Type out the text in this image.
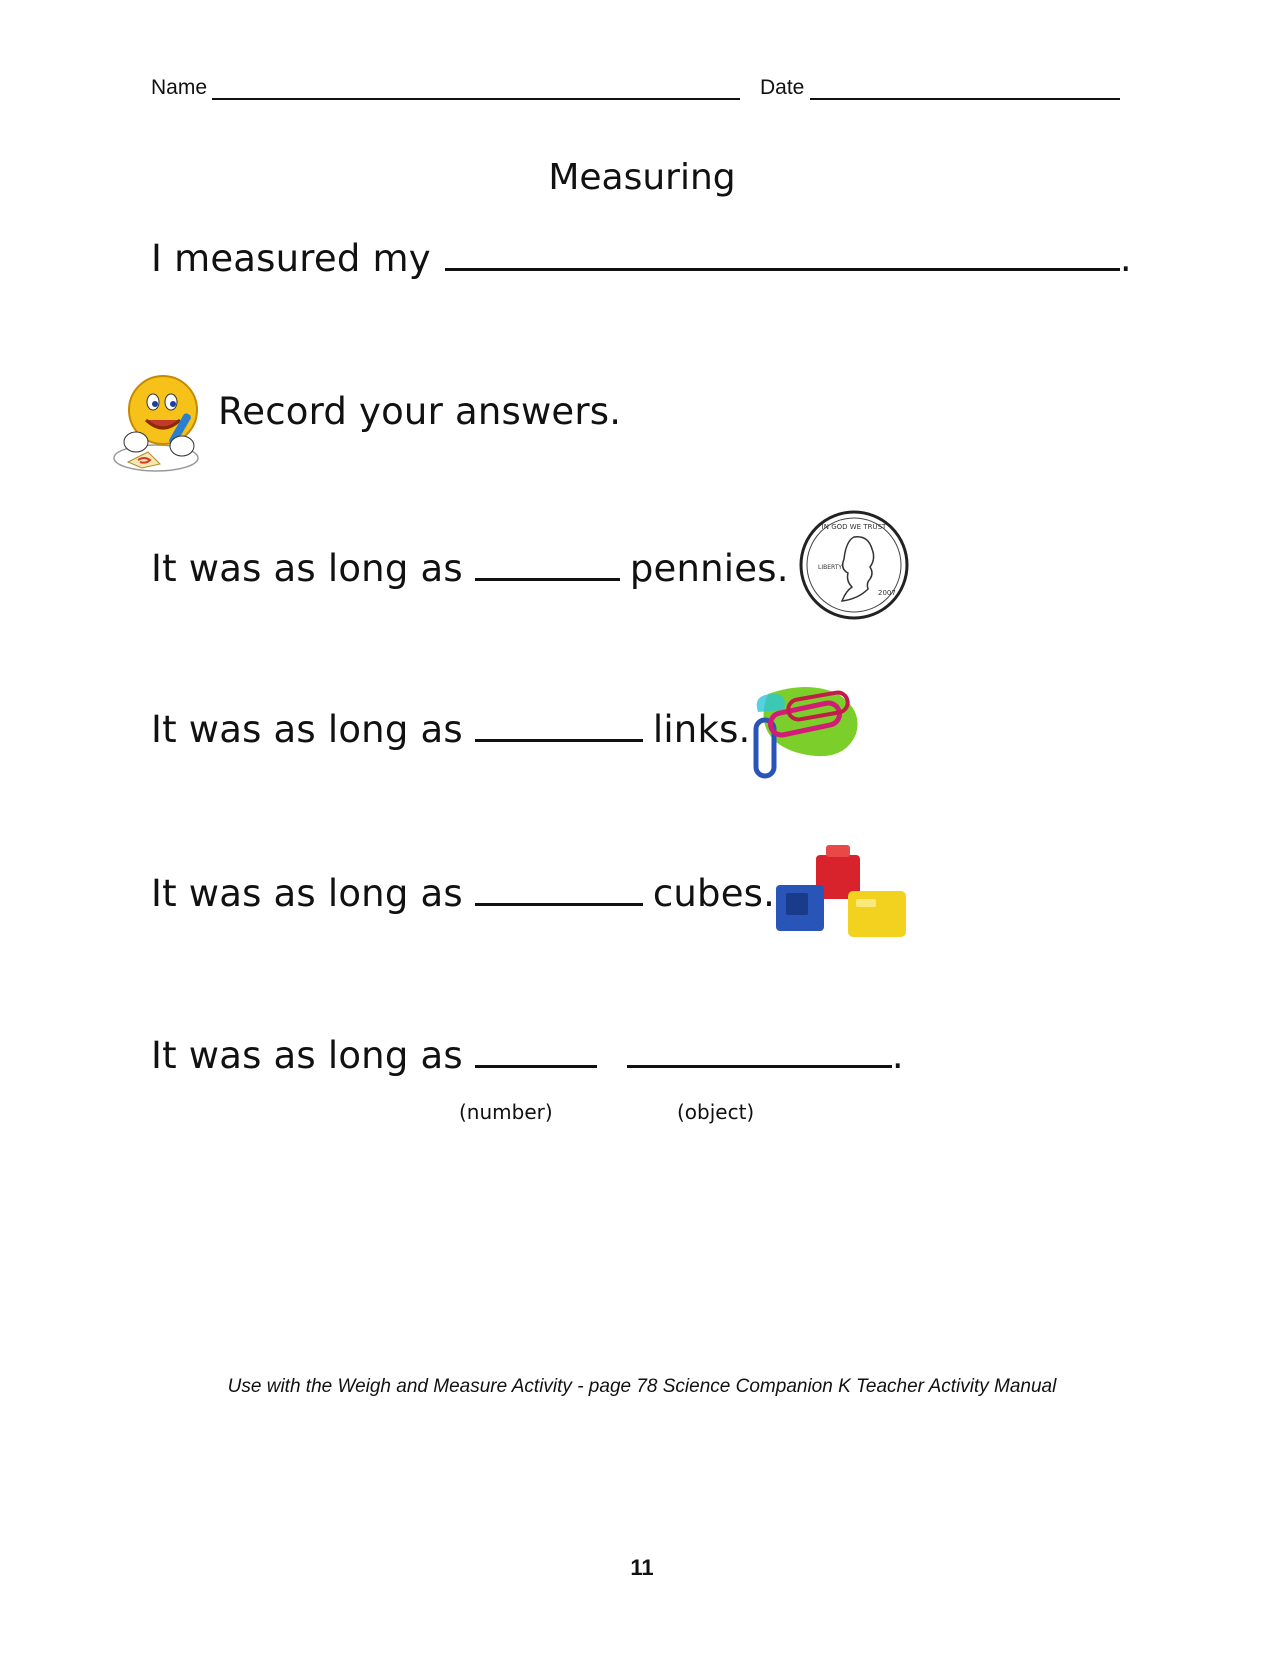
Name	Date
Measuring
I measured my	.
Record your answers.
It was as long as	pennies.
IN GOD WE TRUST
LIBERTY
2007
It was as long as	links.
It was as long as	cubes.
It was as long as	.
(number)	(object)
Use with the Weigh and Measure Activity - page 78 Science Companion K Teacher Activity Manual
11
